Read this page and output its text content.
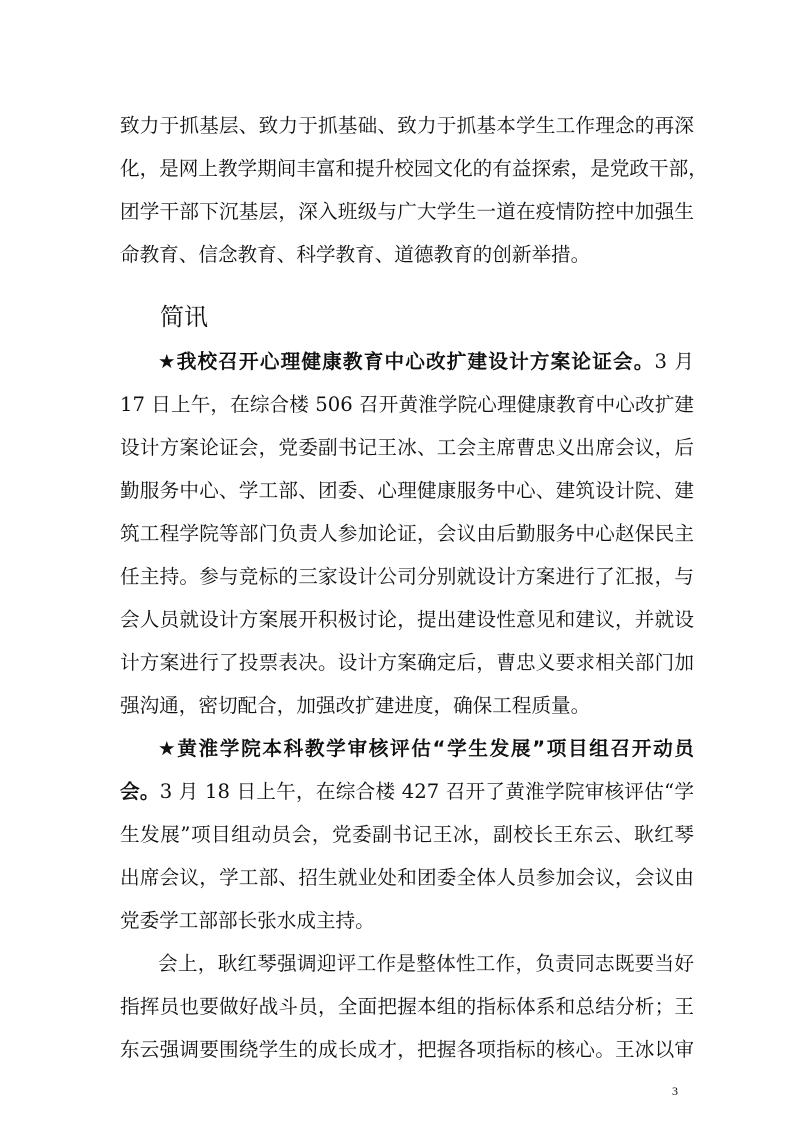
致力于抓基层、致力于抓基础、致力于抓基本学生工作理念的再深
化，是网上教学期间丰富和提升校园文化的有益探索，是党政干部，
团学干部下沉基层，深入班级与广大学生一道在疫情防控中加强生
命教育、信念教育、科学教育、道德教育的创新举措。
简讯
★我校召开心理健康教育中心改扩建设计方案论证会。3 月
17 日上午，在综合楼 506 召开黄淮学院心理健康教育中心改扩建
设计方案论证会，党委副书记王冰、工会主席曹忠义出席会议，后
勤服务中心、学工部、团委、心理健康服务中心、建筑设计院、建
筑工程学院等部门负责人参加论证，会议由后勤服务中心赵保民主
任主持。参与竞标的三家设计公司分别就设计方案进行了汇报，与
会人员就设计方案展开积极讨论，提出建设性意见和建议，并就设
计方案进行了投票表决。设计方案确定后，曹忠义要求相关部门加
强沟通，密切配合，加强改扩建进度，确保工程质量。
★黄淮学院本科教学审核评估“学生发展”项目组召开动员
会。3 月 18 日上午，在综合楼 427 召开了黄淮学院审核评估“学
生发展”项目组动员会，党委副书记王冰，副校长王东云、耿红琴
出席会议，学工部、招生就业处和团委全体人员参加会议，会议由
党委学工部部长张水成主持。
会上，耿红琴强调迎评工作是整体性工作，负责同志既要当好
指挥员也要做好战斗员，全面把握本组的指标体系和总结分析；王
东云强调要围绕学生的成长成才，把握各项指标的核心。王冰以审
3
